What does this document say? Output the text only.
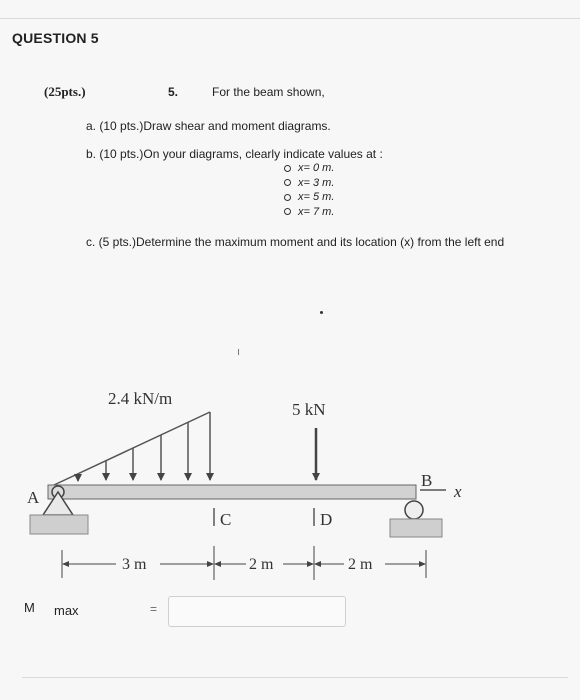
QUESTION 5
(25pts.)	5.	For the beam shown,
a. (10 pts.)Draw shear and moment diagrams.
b. (10 pts.)On your diagrams, clearly indicate values at :
x= 0 m.
x= 3 m.
x= 5 m.
x= 7 m.
c. (5 pts.)Determine the maximum moment and its location (x) from the left end
2.4 kN/m
5 kN
A
B
x
C	D
3 m	2 m	2 m
M max	=
